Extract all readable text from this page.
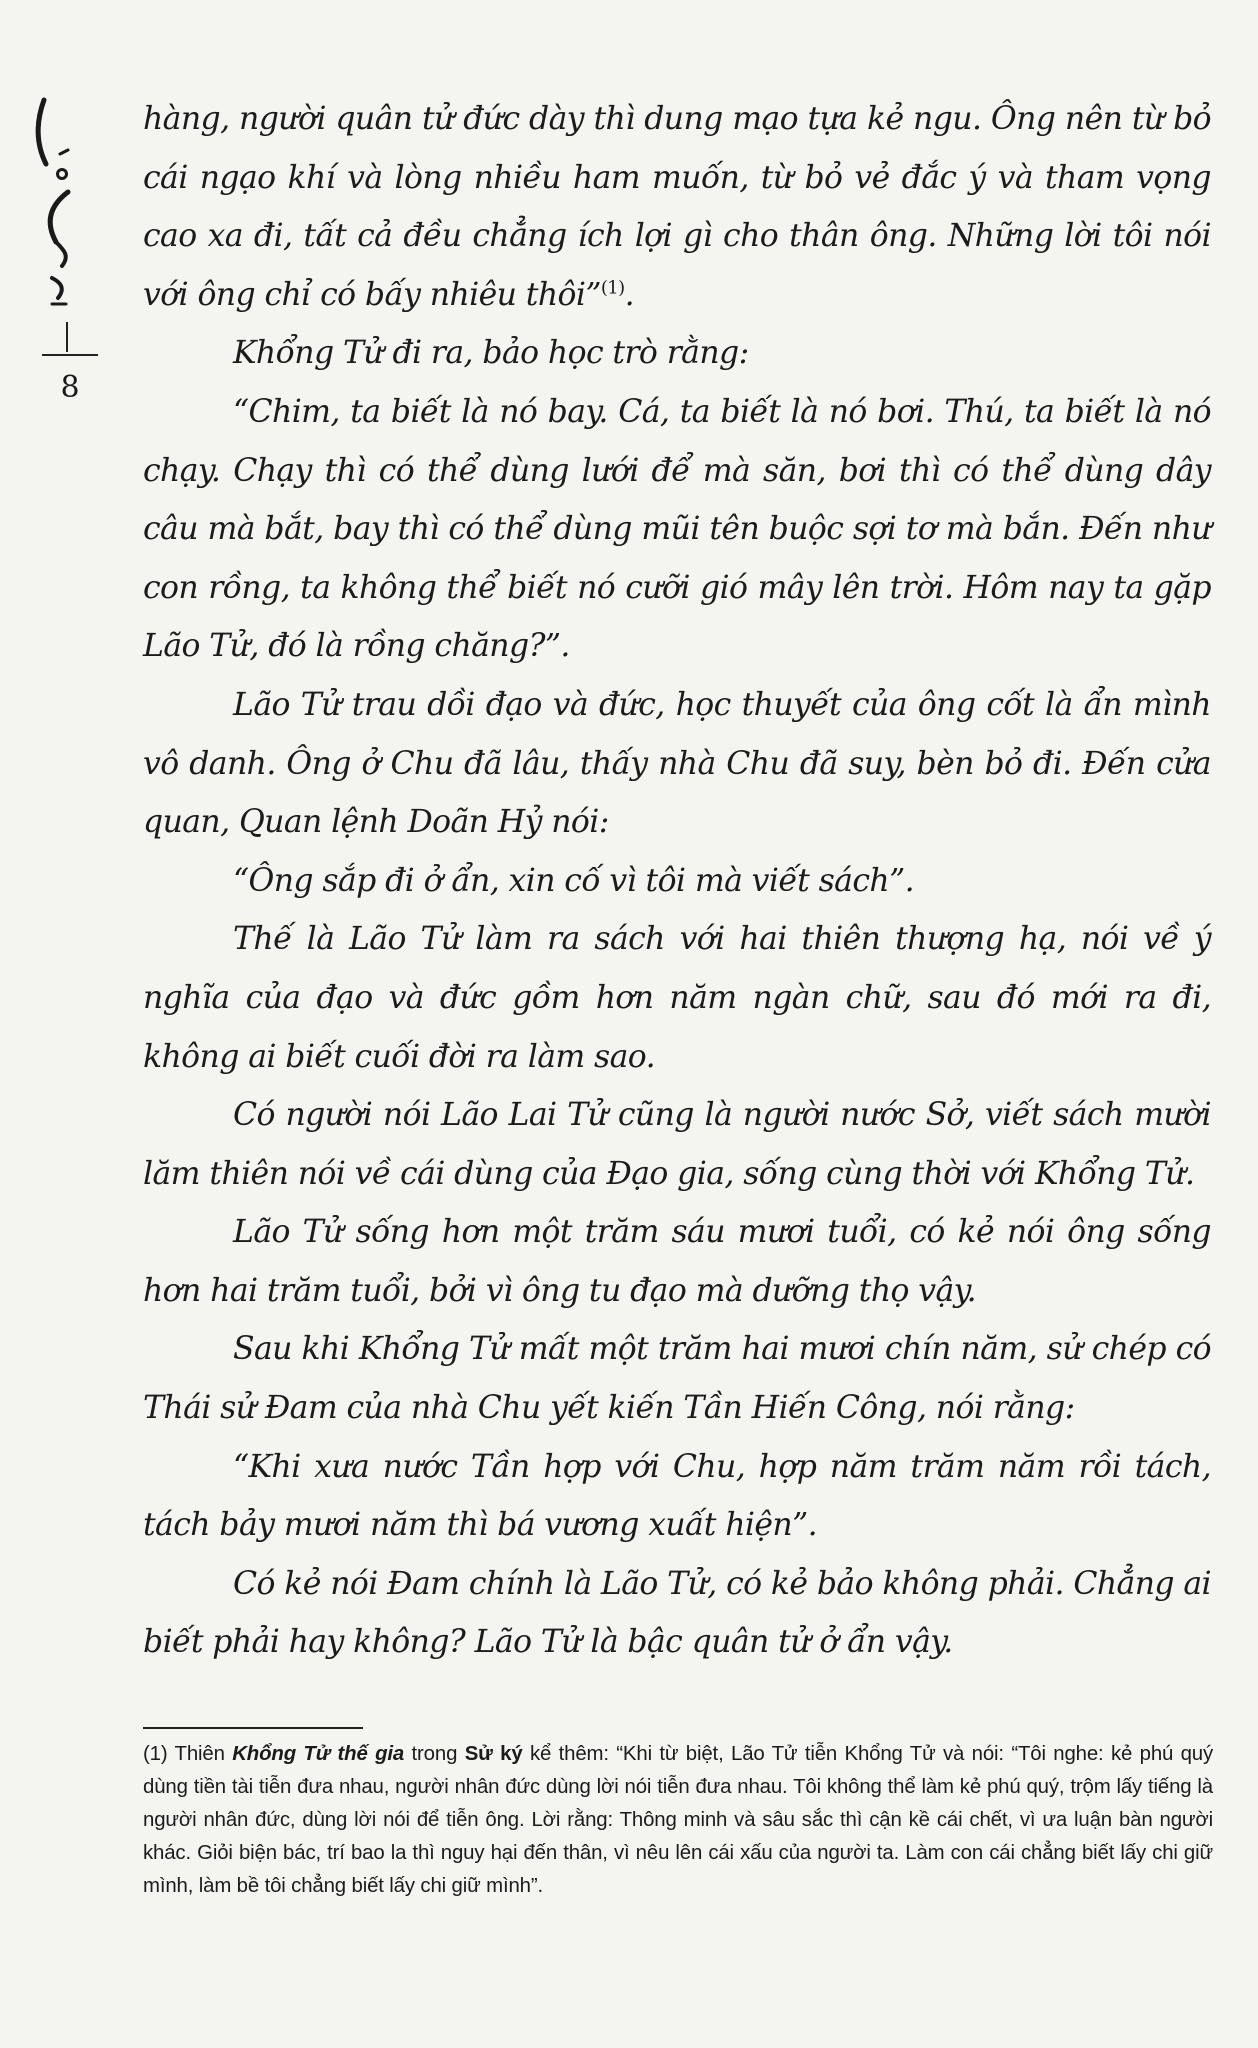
8

hàng, người quân tử đức dày thì dung mạo tựa kẻ ngu. Ông nên từ bỏ cái ngạo khí và lòng nhiều ham muốn, từ bỏ vẻ đắc ý và tham vọng cao xa đi, tất cả đều chẳng ích lợi gì cho thân ông. Những lời tôi nói với ông chỉ có bấy nhiêu thôi”$^{(1)}$.

Khổng Tử đi ra, bảo học trò rằng:

“Chim, ta biết là nó bay. Cá, ta biết là nó bơi. Thú, ta biết là nó chạy. Chạy thì có thể dùng lưới để mà săn, bơi thì có thể dùng dây câu mà bắt, bay thì có thể dùng mũi tên buộc sợi tơ mà bắn. Đến như con rồng, ta không thể biết nó cưỡi gió mây lên trời. Hôm nay ta gặp Lão Tử, đó là rồng chăng?”.

Lão Tử trau dồi đạo và đức, học thuyết của ông cốt là ẩn mình vô danh. Ông ở Chu đã lâu, thấy nhà Chu đã suy, bèn bỏ đi. Đến cửa quan, Quan lệnh Doãn Hỷ nói:

“Ông sắp đi ở ẩn, xin cố vì tôi mà viết sách”.

Thế là Lão Tử làm ra sách với hai thiên thượng hạ, nói về ý nghĩa của đạo và đức gồm hơn năm ngàn chữ, sau đó mới ra đi, không ai biết cuối đời ra làm sao.

Có người nói Lão Lai Tử cũng là người nước Sở, viết sách mười lăm thiên nói về cái dùng của Đạo gia, sống cùng thời với Khổng Tử.

Lão Tử sống hơn một trăm sáu mươi tuổi, có kẻ nói ông sống hơn hai trăm tuổi, bởi vì ông tu đạo mà dưỡng thọ vậy.

Sau khi Khổng Tử mất một trăm hai mươi chín năm, sử chép có Thái sử Đam của nhà Chu yết kiến Tần Hiến Công, nói rằng:

“Khi xưa nước Tần hợp với Chu, hợp năm trăm năm rồi tách, tách bảy mươi năm thì bá vương xuất hiện”.

Có kẻ nói Đam chính là Lão Tử, có kẻ bảo không phải. Chẳng ai biết phải hay không? Lão Tử là bậc quân tử ở ẩn vậy.

(1) Thiên Khổng Tử thế gia trong Sử ký kể thêm: “Khi từ biệt, Lão Tử tiễn Khổng Tử và nói: “Tôi nghe: kẻ phú quý dùng tiền tài tiễn đưa nhau, người nhân đức dùng lời nói tiễn đưa nhau. Tôi không thể làm kẻ phú quý, trộm lấy tiếng là người nhân đức, dùng lời nói để tiễn ông. Lời rằng: Thông minh và sâu sắc thì cận kề cái chết, vì ưa luận bàn người khác. Giỏi biện bác, trí bao la thì nguy hại đến thân, vì nêu lên cái xấu của người ta. Làm con cái chẳng biết lấy chi giữ mình, làm bề tôi chẳng biết lấy chi giữ mình”.
